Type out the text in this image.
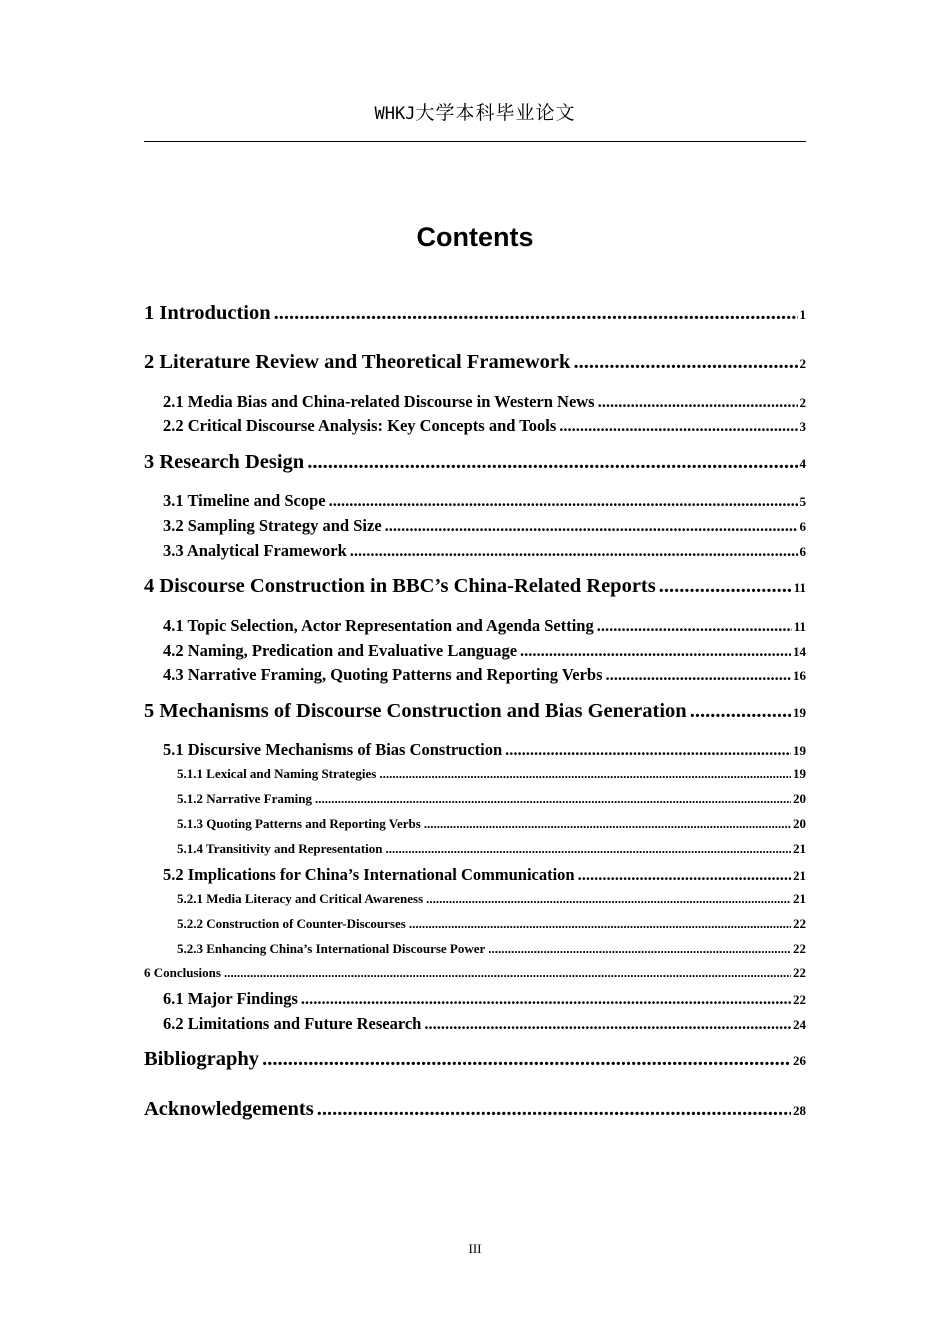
WHKJ大学本科毕业论文
Contents
1 Introduction .....	1
2 Literature Review and Theoretical Framework .....	2
2.1 Media Bias and China-related Discourse in Western News .....	2
2.2 Critical Discourse Analysis: Key Concepts and Tools .....	3
3 Research Design .....	4
3.1 Timeline and Scope .....	5
3.2 Sampling Strategy and Size .....	6
3.3 Analytical Framework .....	6
4 Discourse Construction in BBC’s China-Related Reports .....	11
4.1 Topic Selection, Actor Representation and Agenda Setting .....	11
4.2 Naming, Predication and Evaluative Language .....	14
4.3 Narrative Framing, Quoting Patterns and Reporting Verbs .....	16
5 Mechanisms of Discourse Construction and Bias Generation .....	19
5.1 Discursive Mechanisms of Bias Construction .....	19
5.1.1 Lexical and Naming Strategies .....	19
5.1.2 Narrative Framing .....	20
5.1.3 Quoting Patterns and Reporting Verbs .....	20
5.1.4 Transitivity and Representation .....	21
5.2 Implications for China’s International Communication .....	21
5.2.1 Media Literacy and Critical Awareness .....	21
5.2.2 Construction of Counter-Discourses .....	22
5.2.3 Enhancing China’s International Discourse Power .....	22
6 Conclusions .....	22
6.1 Major Findings .....	22
6.2 Limitations and Future Research .....	24
Bibliography .....	26
Acknowledgements .....	28
III
